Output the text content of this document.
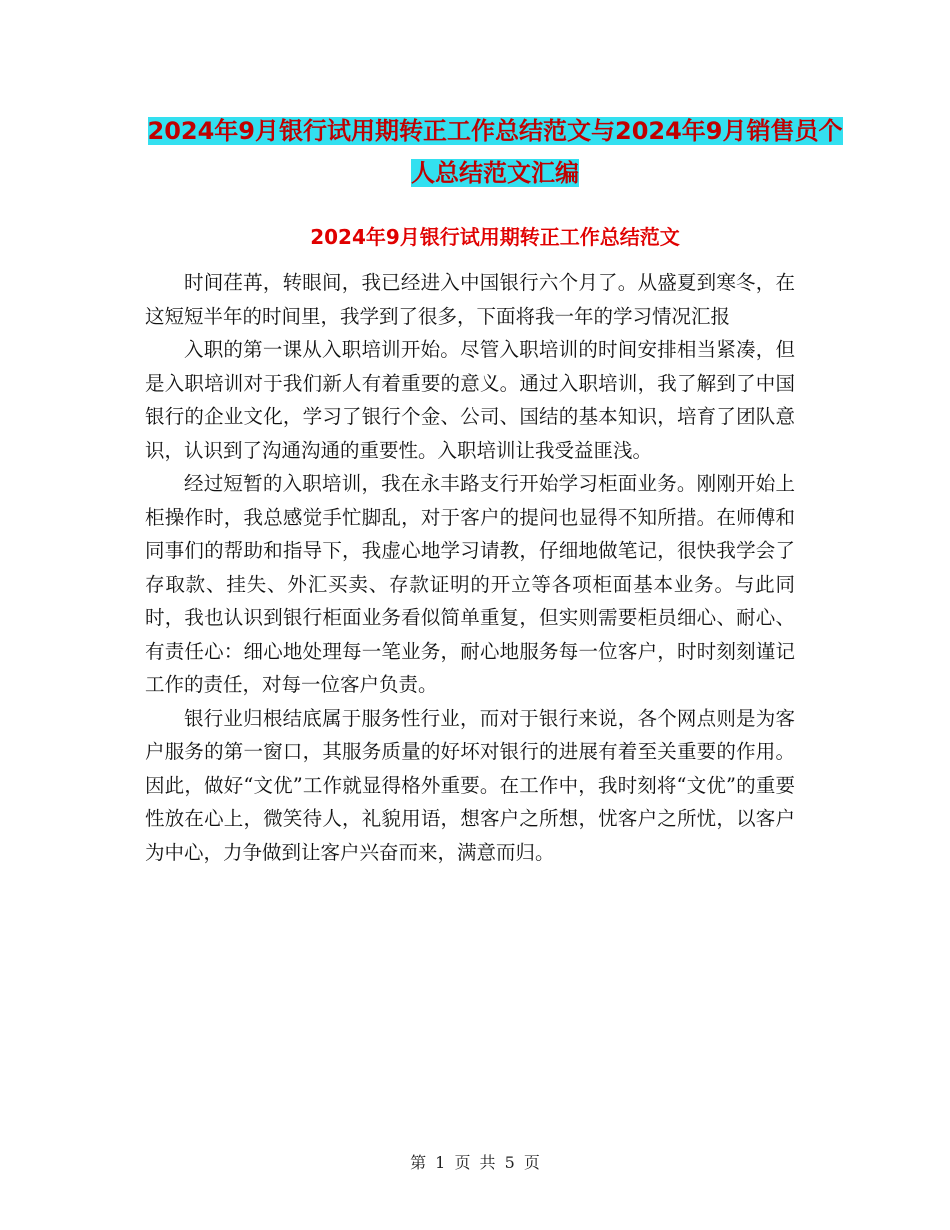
2024年9月银行试用期转正工作总结范文与2024年9月销售员个人总结范文汇编
2024年9月银行试用期转正工作总结范文

时间荏苒，转眼间，我已经进入中国银行六个月了。从盛夏到寒冬，在这短短半年的时间里，我学到了很多，下面将我一年的学习情况汇报

入职的第一课从入职培训开始。尽管入职培训的时间安排相当紧凑，但是入职培训对于我们新人有着重要的意义。通过入职培训，我了解到了中国银行的企业文化，学习了银行个金、公司、国结的基本知识，培育了团队意识，认识到了沟通沟通的重要性。入职培训让我受益匪浅。

经过短暂的入职培训，我在永丰路支行开始学习柜面业务。刚刚开始上柜操作时，我总感觉手忙脚乱，对于客户的提问也显得不知所措。在师傅和同事们的帮助和指导下，我虚心地学习请教，仔细地做笔记，很快我学会了存取款、挂失、外汇买卖、存款证明的开立等各项柜面基本业务。与此同时，我也认识到银行柜面业务看似简单重复，但实则需要柜员细心、耐心、有责任心：细心地处理每一笔业务，耐心地服务每一位客户，时时刻刻谨记工作的责任，对每一位客户负责。

银行业归根结底属于服务性行业，而对于银行来说，各个网点则是为客户服务的第一窗口，其服务质量的好坏对银行的进展有着至关重要的作用。因此，做好“文优”工作就显得格外重要。在工作中，我时刻将“文优”的重要性放在心上，微笑待人，礼貌用语，想客户之所想，忧客户之所忧，以客户为中心，力争做到让客户兴奋而来，满意而归。

第 1 页 共 5 页
